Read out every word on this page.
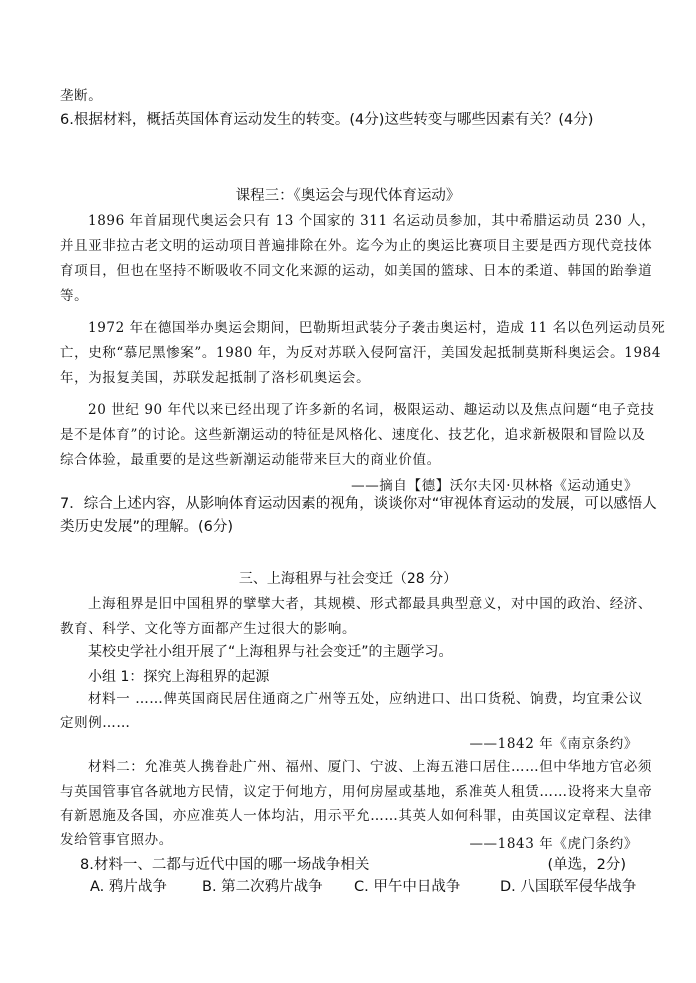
垄断。
6.根据材料，概括英国体育运动发生的转变。(4分)这些转变与哪些因素有关？(4分)
课程三：《奥运会与现代体育运动》
1896 年首届现代奥运会只有 13 个国家的 311 名运动员参加，其中希腊运动员 230 人，
并且亚非拉古老文明的运动项目普遍排除在外。迄今为止的奥运比赛项目主要是西方现代竞技体
育项目，但也在坚持不断吸收不同文化来源的运动，如美国的篮球、日本的柔道、韩国的跆拳道
等。
1972 年在德国举办奥运会期间，巴勒斯坦武装分子袭击奥运村，造成 11 名以色列运动员死
亡，史称“慕尼黑惨案”。1980 年，为反对苏联入侵阿富汗，美国发起抵制莫斯科奥运会。1984
年，为报复美国，苏联发起抵制了洛杉矶奥运会。
20 世纪 90 年代以来已经出现了许多新的名词，极限运动、趣运动以及焦点问题“电子竞技
是不是体育”的讨论。这些新潮运动的特征是风格化、速度化、技艺化，追求新极限和冒险以及
综合体验，最重要的是这些新潮运动能带来巨大的商业价值。
——摘自【德】沃尔夫冈·贝林格《运动通史》
7．综合上述内容，从影响体育运动因素的视角，谈谈你对“审视体育运动的发展，可以感悟人
类历史发展”的理解。(6分)
三、上海租界与社会变迁（28 分）
上海租界是旧中国租界的擘擘大者，其规模、形式都最具典型意义，对中国的政治、经济、
教育、科学、文化等方面都产生过很大的影响。
某校史学社小组开展了“上海租界与社会变迁”的主题学习。
小组 1：探究上海租界的起源
材料一 ……俾英国商民居住通商之广州等五处，应纳进口、出口货税、饷费，均宜秉公议
定则例……
——1842 年《南京条约》
材料二：允准英人携眷赴广州、福州、厦门、宁波、上海五港口居住……但中华地方官必须
与英国管事官各就地方民情，议定于何地方，用何房屋或基地，系准英人租赁……设将来大皇帝
有新恩施及各国，亦应准英人一体均沾，用示平允……其英人如何科罪，由英国议定章程、法律
发给管事官照办。	——1843 年《虎门条约》
8.材料一、二都与近代中国的哪一场战争相关	(单选，2分)
A. 鸦片战争 B. 第二次鸦片战争 C. 甲午中日战争	D. 八国联军侵华战争
